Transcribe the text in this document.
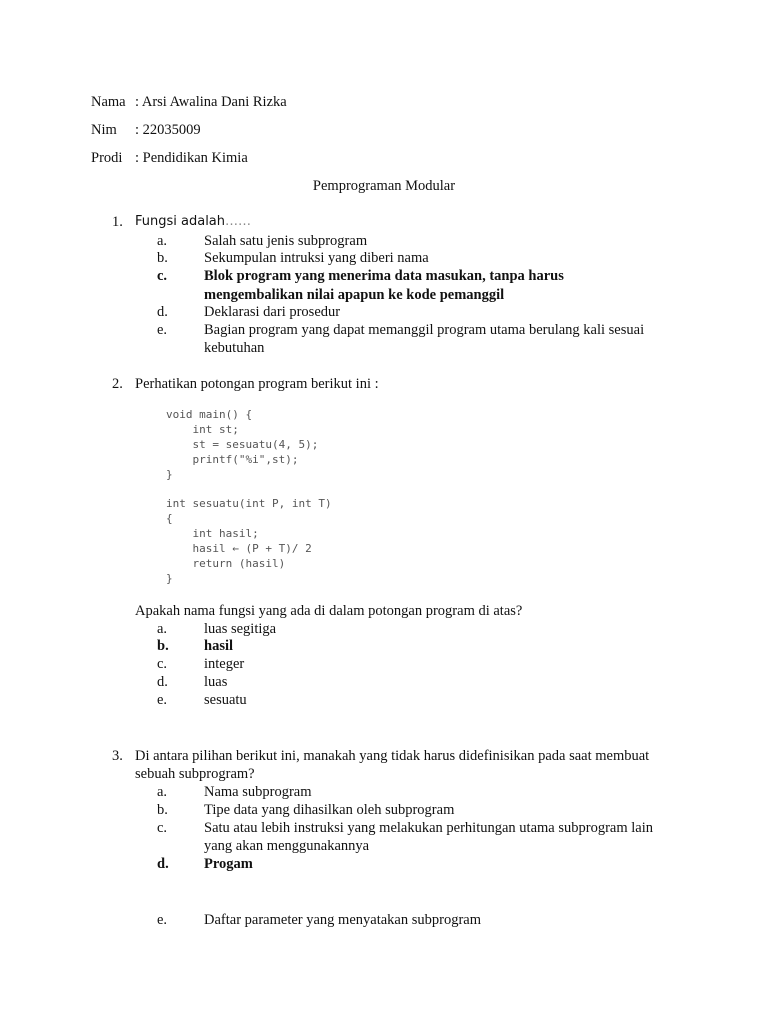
Nama : Arsi Awalina Dani Rizka
Nim : 22035009
Prodi : Pendidikan Kimia
Pemprograman Modular
1. Fungsi adalah……
a.	Salah satu jenis subprogram
b. Sekumpulan intruksi yang diberi nama
c.	Blok program yang menerima data masukan, tanpa harus
mengembalikan nilai apapun ke kode pemanggil
d. Deklarasi dari prosedur
e.	Bagian program yang dapat memanggil program utama berulang kali sesuai
kebutuhan
2. Perhatikan potongan program berikut ini :
void main() {
int st;
st = sesuatu(4, 5);
printf("%i",st);
}

int sesuatu(int P, int T)
{
int hasil;
hasil ← (P + T)/ 2
return (hasil)
}
Apakah nama fungsi yang ada di dalam potongan program di atas?
a.	luas segitiga
b. hasil
c.	integer
d. luas
e.	sesuatu
3. Di antara pilihan berikut ini, manakah yang tidak harus didefinisikan pada saat membuat
sebuah subprogram?
a.	Nama subprogram
b. Tipe data yang dihasilkan oleh subprogram
c.	Satu atau lebih instruksi yang melakukan perhitungan utama subprogram lain
yang akan menggunakannya
d. Progam
e.	Daftar parameter yang menyatakan subprogram
